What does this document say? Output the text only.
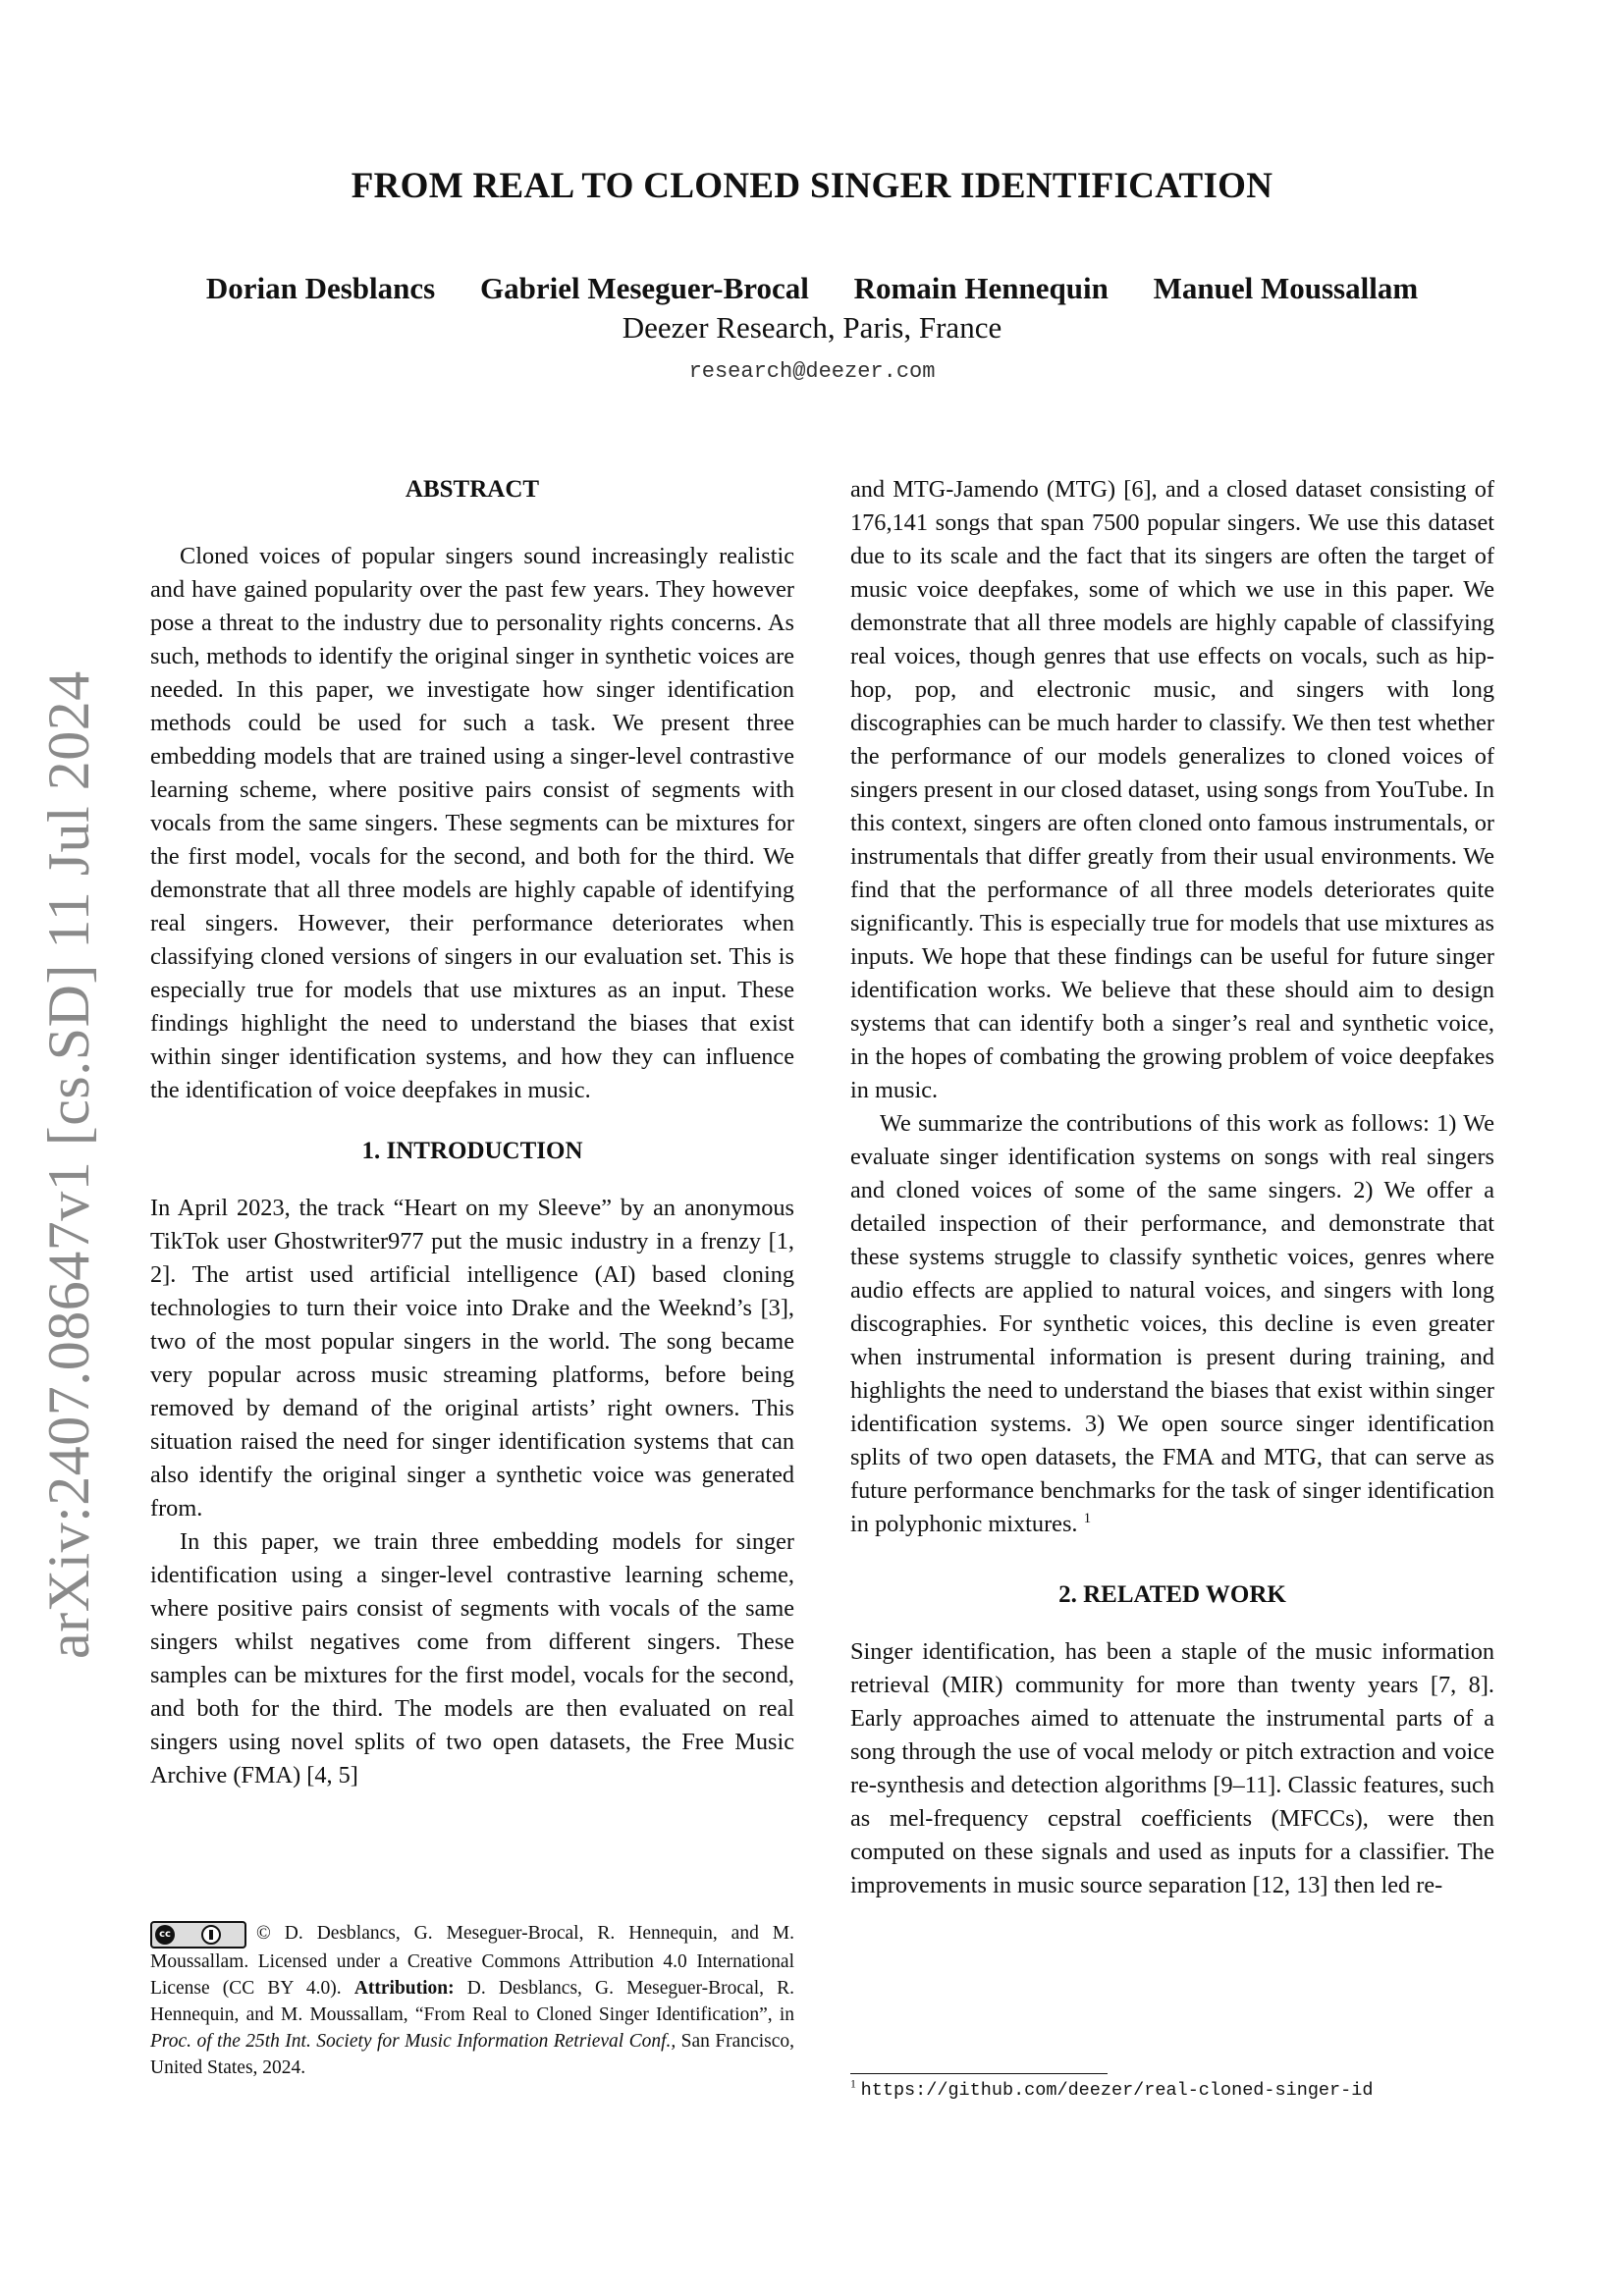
arXiv:2407.08647v1 [cs.SD] 11 Jul 2024
FROM REAL TO CLONED SINGER IDENTIFICATION
Dorian Desblancs Gabriel Meseguer-Brocal Romain Hennequin Manuel Moussallam
Deezer Research, Paris, France
research@deezer.com
ABSTRACT

Cloned voices of popular singers sound increasingly realistic and have gained popularity over the past few years. They however pose a threat to the industry due to personality rights concerns. As such, methods to identify the original singer in synthetic voices are needed. In this paper, we investigate how singer identification methods could be used for such a task. We present three embedding models that are trained using a singer-level contrastive learning scheme, where positive pairs consist of segments with vocals from the same singers. These segments can be mixtures for the first model, vocals for the second, and both for the third. We demonstrate that all three models are highly capable of identifying real singers. However, their performance deteriorates when classifying cloned versions of singers in our evaluation set. This is especially true for models that use mixtures as an input. These findings highlight the need to understand the biases that exist within singer identification systems, and how they can influence the identification of voice deepfakes in music.

1. INTRODUCTION

In April 2023, the track “Heart on my Sleeve” by an anonymous TikTok user Ghostwriter977 put the music industry in a frenzy [1, 2]. The artist used artificial intelligence (AI) based cloning technologies to turn their voice into Drake and the Weeknd’s [3], two of the most popular singers in the world. The song became very popular across music streaming platforms, before being removed by demand of the original artists’ right owners. This situation raised the need for singer identification systems that can also identify the original singer a synthetic voice was generated from.

In this paper, we train three embedding models for singer identification using a singer-level contrastive learning scheme, where positive pairs consist of segments with vocals of the same singers whilst negatives come from different singers. These samples can be mixtures for the first model, vocals for the second, and both for the third. The models are then evaluated on real singers using novel splits of two open datasets, the Free Music Archive (FMA) [4, 5]

and MTG-Jamendo (MTG) [6], and a closed dataset consisting of 176,141 songs that span 7500 popular singers. We use this dataset due to its scale and the fact that its singers are often the target of music voice deepfakes, some of which we use in this paper. We demonstrate that all three models are highly capable of classifying real voices, though genres that use effects on vocals, such as hip-hop, pop, and electronic music, and singers with long discographies can be much harder to classify. We then test whether the performance of our models generalizes to cloned voices of singers present in our closed dataset, using songs from YouTube. In this context, singers are often cloned onto famous instrumentals, or instrumentals that differ greatly from their usual environments. We find that the performance of all three models deteriorates quite significantly. This is especially true for models that use mixtures as inputs. We hope that these findings can be useful for future singer identification works. We believe that these should aim to design systems that can identify both a singer’s real and synthetic voice, in the hopes of combating the growing problem of voice deepfakes in music.

We summarize the contributions of this work as follows: 1) We evaluate singer identification systems on songs with real singers and cloned voices of some of the same singers. 2) We offer a detailed inspection of their performance, and demonstrate that these systems struggle to classify synthetic voices, genres where audio effects are applied to natural voices, and singers with long discographies. For synthetic voices, this decline is even greater when instrumental information is present during training, and highlights the need to understand the biases that exist within singer identification systems. 3) We open source singer identification splits of two open datasets, the FMA and MTG, that can serve as future performance benchmarks for the task of singer identification in polyphonic mixtures. $^1$

2. RELATED WORK

Singer identification, has been a staple of the music information retrieval (MIR) community for more than twenty years [7, 8]. Early approaches aimed to attenuate the instrumental parts of a song through the use of vocal melody or pitch extraction and voice re-synthesis and detection algorithms [9–11]. Classic features, such as mel-frequency cepstral coefficients (MFCCs), were then computed on these signals and used as inputs for a classifier. The improvements in music source separation [12, 13] then led re-

cc	© D. Desblancs, G. Meseguer-Brocal, R. Hennequin, and M. Moussallam. Licensed under a Creative Commons Attribution 4.0 International License (CC BY 4.0). Attribution: D. Desblancs, G. Meseguer-Brocal, R. Hennequin, and M. Moussallam, “From Real to Cloned Singer Identification”, in Proc. of the 25th Int. Society for Music Information Retrieval Conf., San Francisco, United States, 2024.
$^1$ https://github.com/deezer/real-cloned-singer-id
